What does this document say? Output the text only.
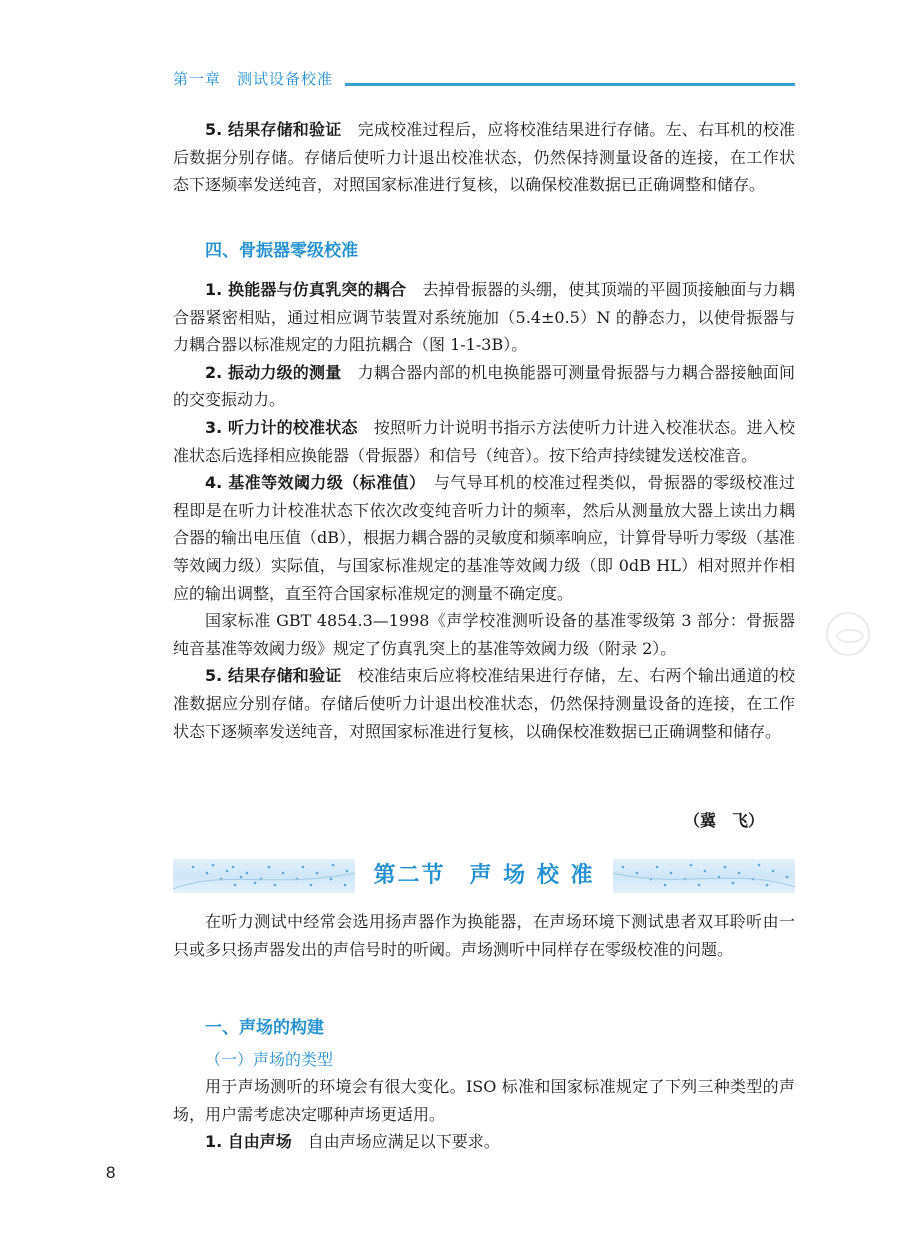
第一章　测试设备校准

5. 结果存储和验证　完成校准过程后，应将校准结果进行存储。左、右耳机的校准后数据分别存储。存储后使听力计退出校准状态，仍然保持测量设备的连接，在工作状态下逐频率发送纯音，对照国家标准进行复核，以确保校准数据已正确调整和储存。

四、骨振器零级校准

1. 换能器与仿真乳突的耦合　去掉骨振器的头绷，使其顶端的平圆顶接触面与力耦合器紧密相贴，通过相应调节装置对系统施加（5.4±0.5）N 的静态力，以使骨振器与力耦合器以标准规定的力阻抗耦合（图 1-1-3B）。

2. 振动力级的测量　力耦合器内部的机电换能器可测量骨振器与力耦合器接触面间的交变振动力。

3. 听力计的校准状态　按照听力计说明书指示方法使听力计进入校准状态。进入校准状态后选择相应换能器（骨振器）和信号（纯音）。按下给声持续键发送校准音。

4. 基准等效阈力级（标准值）　与气导耳机的校准过程类似，骨振器的零级校准过程即是在听力计校准状态下依次改变纯音听力计的频率，然后从测量放大器上读出力耦合器的输出电压值（dB），根据力耦合器的灵敏度和频率响应，计算骨导听力零级（基准等效阈力级）实际值，与国家标准规定的基准等效阈力级（即 0dB HL）相对照并作相应的输出调整，直至符合国家标准规定的测量不确定度。

国家标准 GBT 4854.3—1998《声学校准测听设备的基准零级第 3 部分：骨振器纯音基准等效阈力级》规定了仿真乳突上的基准等效阈力级（附录 2）。

5. 结果存储和验证　校准结束后应将校准结果进行存储，左、右两个输出通道的校准数据应分别存储。存储后使听力计退出校准状态，仍然保持测量设备的连接，在工作状态下逐频率发送纯音，对照国家标准进行复核，以确保校准数据已正确调整和储存。

（冀　飞）
第二节　声 场 校 准

在听力测试中经常会选用扬声器作为换能器，在声场环境下测试患者双耳聆听由一只或多只扬声器发出的声信号时的听阈。声场测听中同样存在零级校准的问题。

一、声场的构建
（一）声场的类型

用于声场测听的环境会有很大变化。ISO 标准和国家标准规定了下列三种类型的声场，用户需考虑决定哪种声场更适用。

1. 自由声场　自由声场应满足以下要求。

8
